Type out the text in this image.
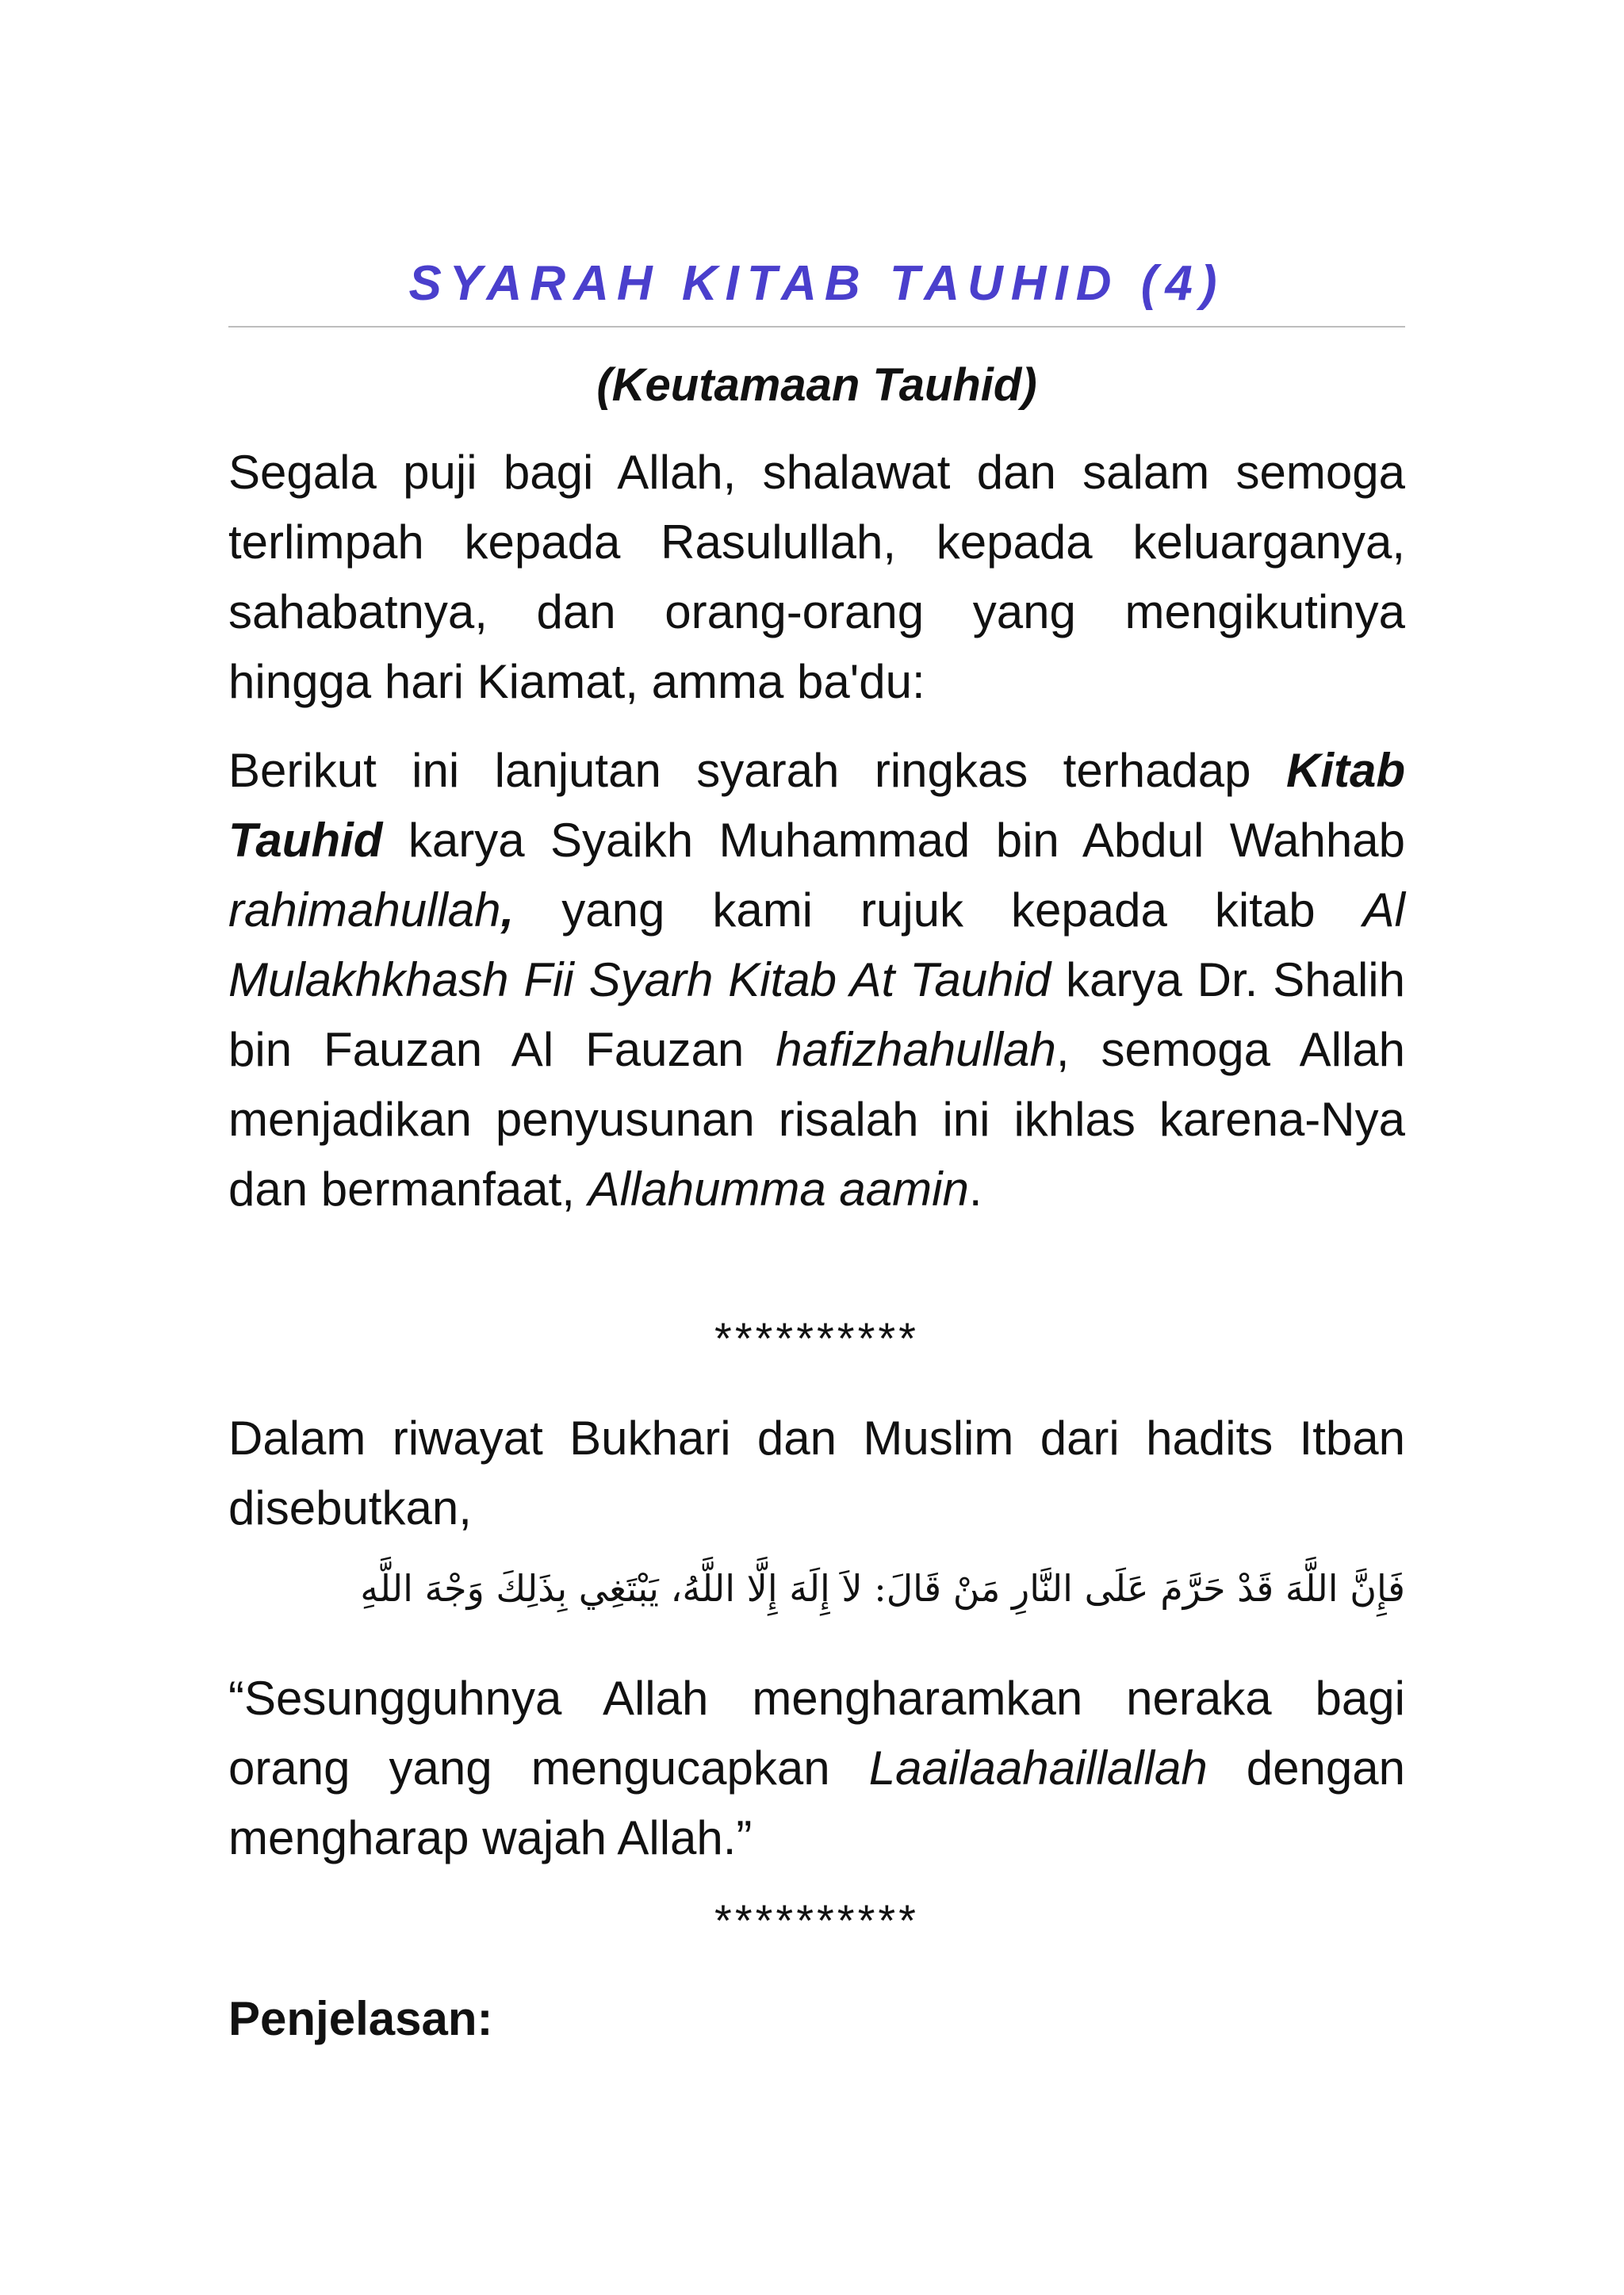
SYARAH KITAB TAUHID (4)
(Keutamaan Tauhid)

Segala puji bagi Allah, shalawat dan salam semoga terlimpah kepada Rasulullah, kepada keluarganya, sahabatnya, dan orang-orang yang mengikutinya hingga hari Kiamat, amma ba'du:

Berikut ini lanjutan syarah ringkas terhadap Kitab Tauhid karya Syaikh Muhammad bin Abdul Wahhab rahimahullah, yang kami rujuk kepada kitab Al Mulakhkhash Fii Syarh Kitab At Tauhid karya Dr. Shalih bin Fauzan Al Fauzan hafizhahullah, semoga Allah menjadikan penyusunan risalah ini ikhlas karena-Nya dan bermanfaat, Allahumma aamin.

**********

Dalam riwayat Bukhari dan Muslim dari hadits Itban disebutkan,

فَإِنَّ اللَّهَ قَدْ حَرَّمَ عَلَى النَّارِ مَنْ قَالَ: لاَ إِلَهَ إِلَّا اللَّهُ، يَبْتَغِي بِذَلِكَ وَجْهَ اللَّهِ

“Sesungguhnya Allah mengharamkan neraka bagi orang yang mengucapkan Laailaahaillallah dengan mengharap wajah Allah.”

**********
Penjelasan:
